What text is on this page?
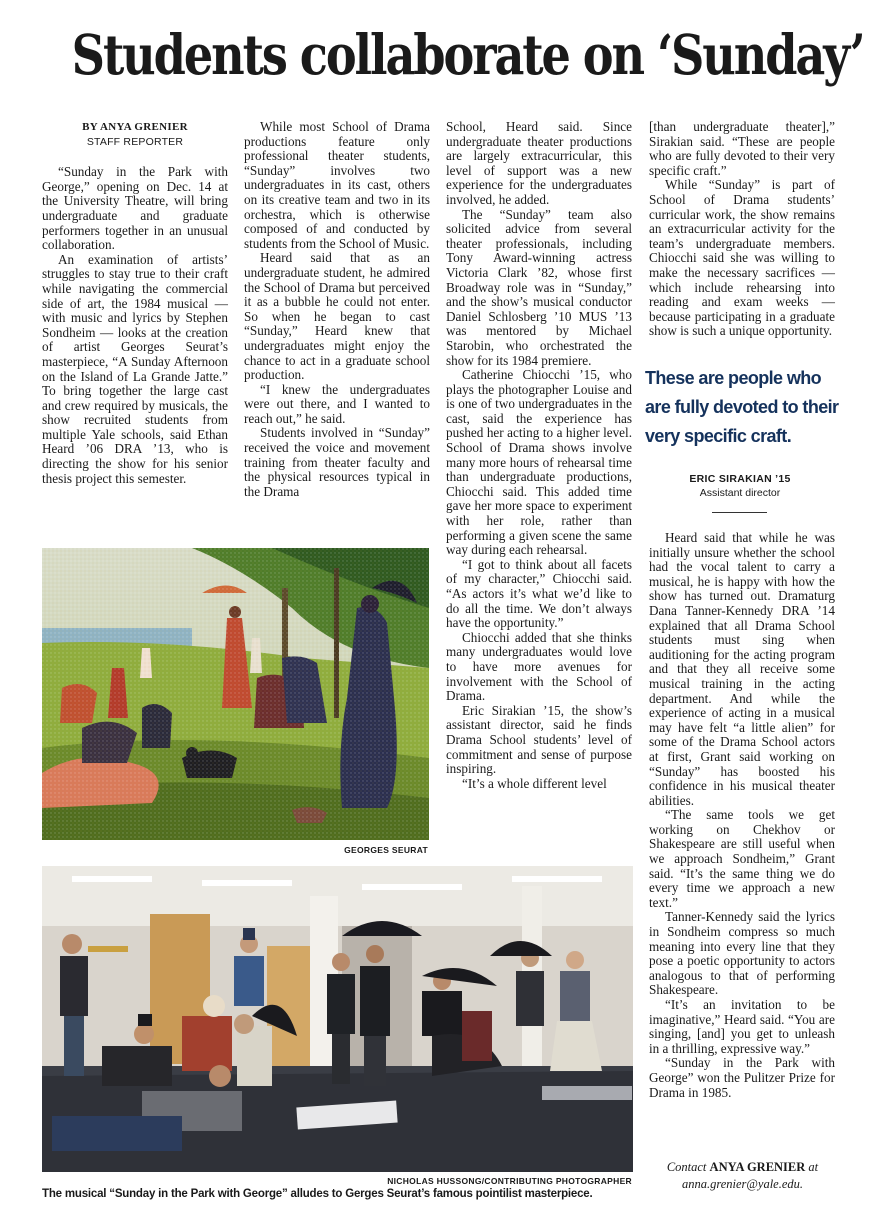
Students collaborate on ‘Sunday’
BY ANYA GRENIER
STAFF REPORTER

“Sunday in the Park with George,” opening on Dec. 14 at the University Theatre, will bring undergraduate and graduate performers together in an unusual collaboration.

An examination of artists’ struggles to stay true to their craft while navigating the commercial side of art, the 1984 musical — with music and lyrics by Stephen Sondheim — looks at the creation of artist Georges Seurat’s masterpiece, “A Sunday Afternoon on the Island of La Grande Jatte.” To bring together the large cast and crew required by musicals, the show recruited students from multiple Yale schools, said Ethan Heard ’06 DRA ’13, who is directing the show for his senior thesis project this semester.

While most School of Drama productions feature only professional theater students, “Sunday” involves two undergraduates in its cast, others on its creative team and two in its orchestra, which is otherwise composed of and conducted by students from the School of Music.

Heard said that as an undergraduate student, he admired the School of Drama but perceived it as a bubble he could not enter. So when he began to cast “Sunday,” Heard knew that undergraduates might enjoy the chance to act in a graduate school production.

“I knew the undergraduates were out there, and I wanted to reach out,” he said.

Students involved in “Sunday” received the voice and movement training from theater faculty and the physical resources typical in the Drama

School, Heard said. Since undergraduate theater productions are largely extracurricular, this level of support was a new experience for the undergraduates involved, he added.

The “Sunday” team also solicited advice from several theater professionals, including Tony Award-winning actress Victoria Clark ’82, whose first Broadway role was in “Sunday,” and the show’s musical conductor Daniel Schlosberg ’10 MUS ’13 was mentored by Michael Starobin, who orchestrated the show for its 1984 premiere.

Catherine Chiocchi ’15, who plays the photographer Louise and is one of two undergraduates in the cast, said the experience has pushed her acting to a higher level. School of Drama shows involve many more hours of rehearsal time than undergraduate productions, Chiocchi said. This added time gave her more space to experiment with her role, rather than performing a given scene the same way during each rehearsal.

“I got to think about all facets of my character,” Chiocchi said. “As actors it’s what we’d like to do all the time. We don’t always have the opportunity.”

Chiocchi added that she thinks many undergraduates would love to have more avenues for involvement with the School of Drama.

Eric Sirakian ’15, the show’s assistant director, said he finds Drama School students’ level of commitment and sense of purpose inspiring.

“It’s a whole different level

[than undergraduate theater],” Sirakian said. “These are people who are fully devoted to their very specific craft.”

While “Sunday” is part of School of Drama students’ curricular work, the show remains an extracurricular activity for the team’s undergraduate members. Chiocchi said she was willing to make the necessary sacrifices — which include rehearsing into reading and exam weeks — because participating in a graduate show is such a unique opportunity.

These are people who are fully devoted to their very specific craft.
ERIC SIRAKIAN ’15
Assistant director

Heard said that while he was initially unsure whether the school had the vocal talent to carry a musical, he is happy with how the show has turned out. Dramaturg Dana Tanner-Kennedy DRA ’14 explained that all Drama School students must sing when auditioning for the acting program and that they all receive some musical training in the acting department. And while the experience of acting in a musical may have felt “a little alien” for some of the Drama School actors at first, Grant said working on “Sunday” has boosted his confidence in his musical theater abilities.

“The same tools we get working on Chekhov or Shakespeare are still useful when we approach Sondheim,” Grant said. “It’s the same thing we do every time we approach a new text.”

Tanner-Kennedy said the lyrics in Sondheim compress so much meaning into every line that they pose a poetic opportunity to actors analogous to that of performing Shakespeare.

“It’s an invitation to be imaginative,” Heard said. “You are singing, [and] you get to unleash in a thrilling, expressive way.”

“Sunday in the Park with George” won the Pulitzer Prize for Drama in 1985.

Contact ANYA GRENIER at
anna.grenier@yale.edu.
GEORGES SEURAT
NICHOLAS HUSSONG/CONTRIBUTING PHOTOGRAPHER
The musical “Sunday in the Park with George” alludes to Gerges Seurat’s famous pointilist masterpiece.
